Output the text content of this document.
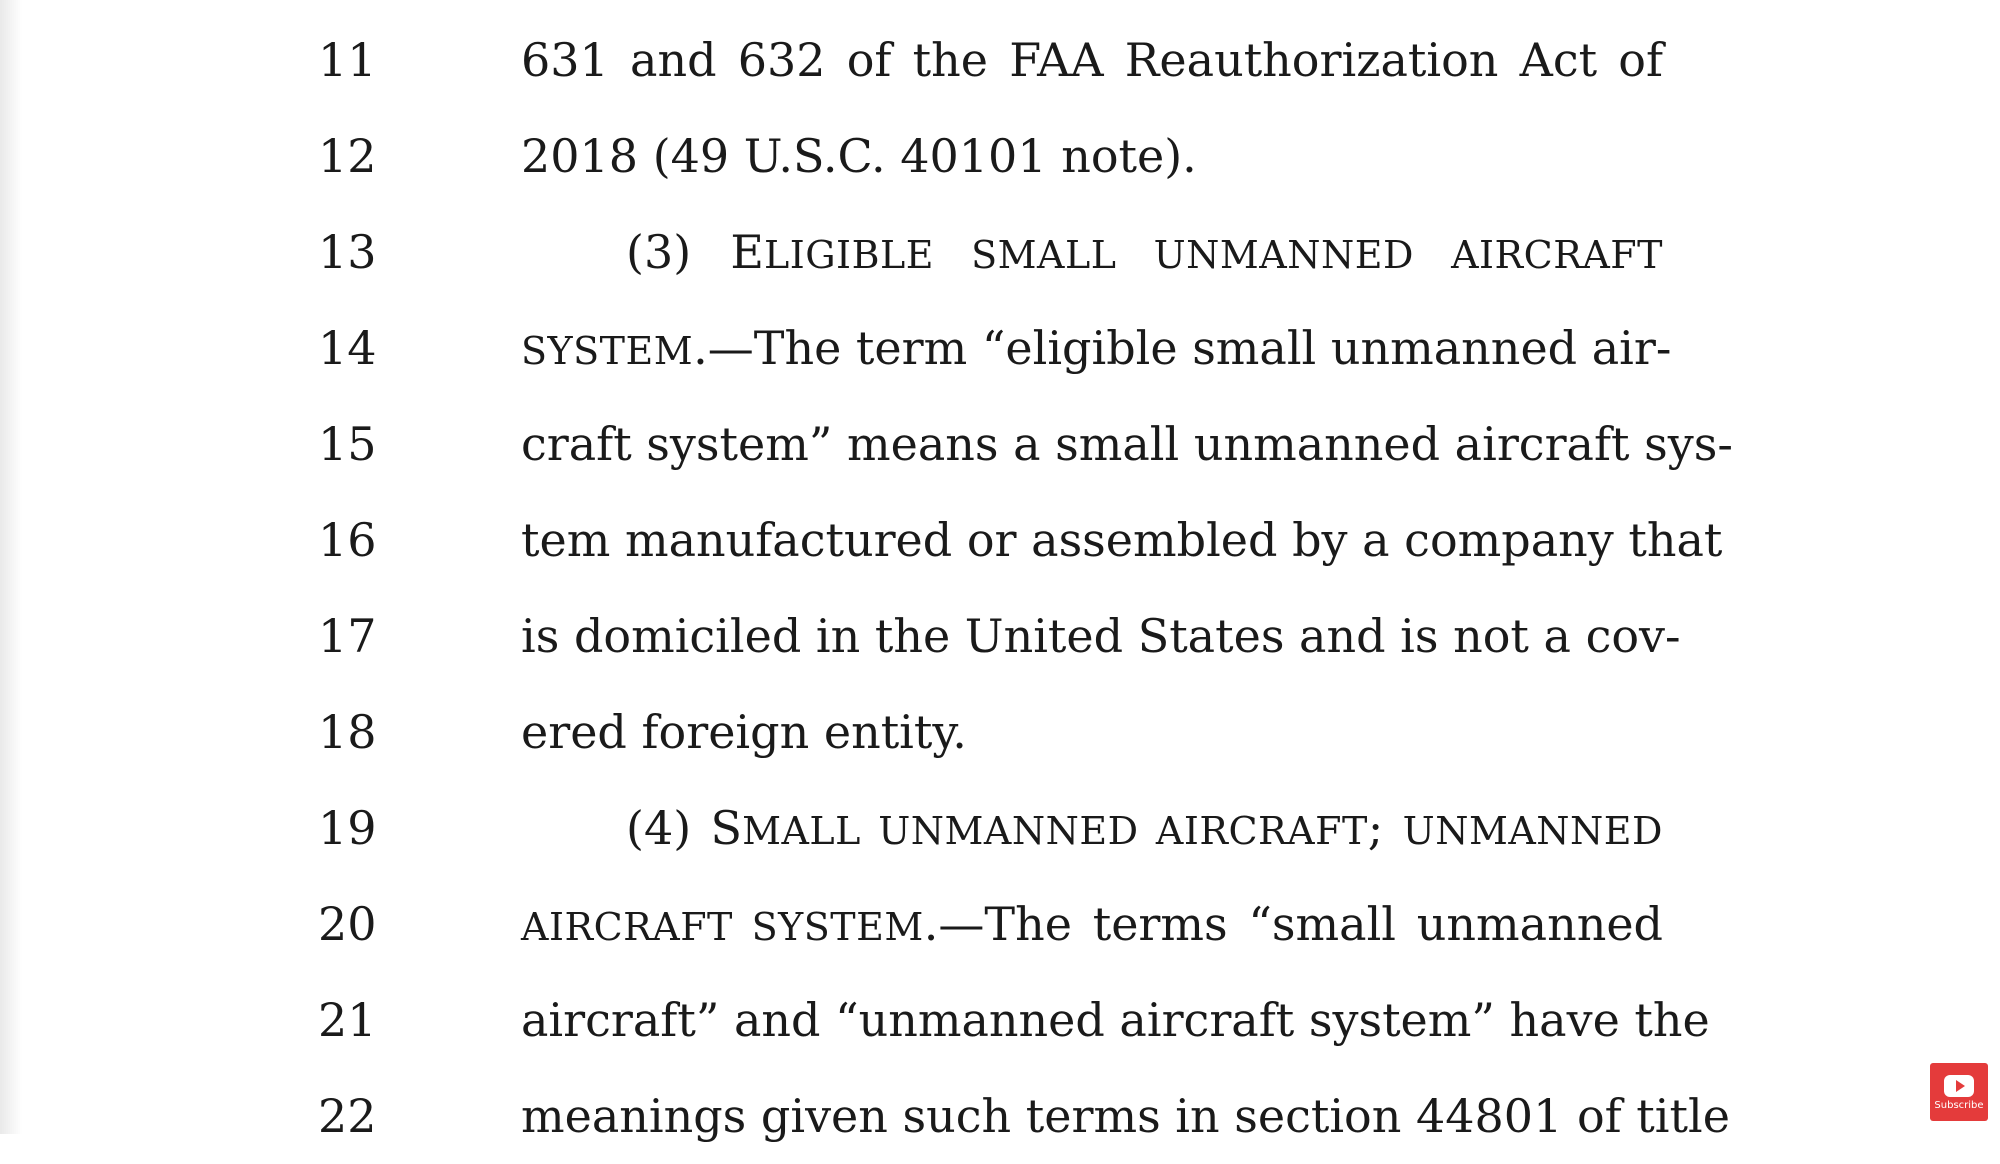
11	631 and 632 of the FAA Reauthorization Act of
12	2018 (49 U.S.C. 40101 note).
13	(3) ELIGIBLE SMALL UNMANNED AIRCRAFT
14	SYSTEM.—The term “eligible small unmanned air-
15	craft system” means a small unmanned aircraft sys-
16	tem manufactured or assembled by a company that
17	is domiciled in the United States and is not a cov-
18	ered foreign entity.
19	(4) SMALL UNMANNED AIRCRAFT; UNMANNED
20	AIRCRAFT SYSTEM.—The terms “small unmanned
21	aircraft” and “unmanned aircraft system” have the
22	meanings given such terms in section 44801 of title	Subscribe
